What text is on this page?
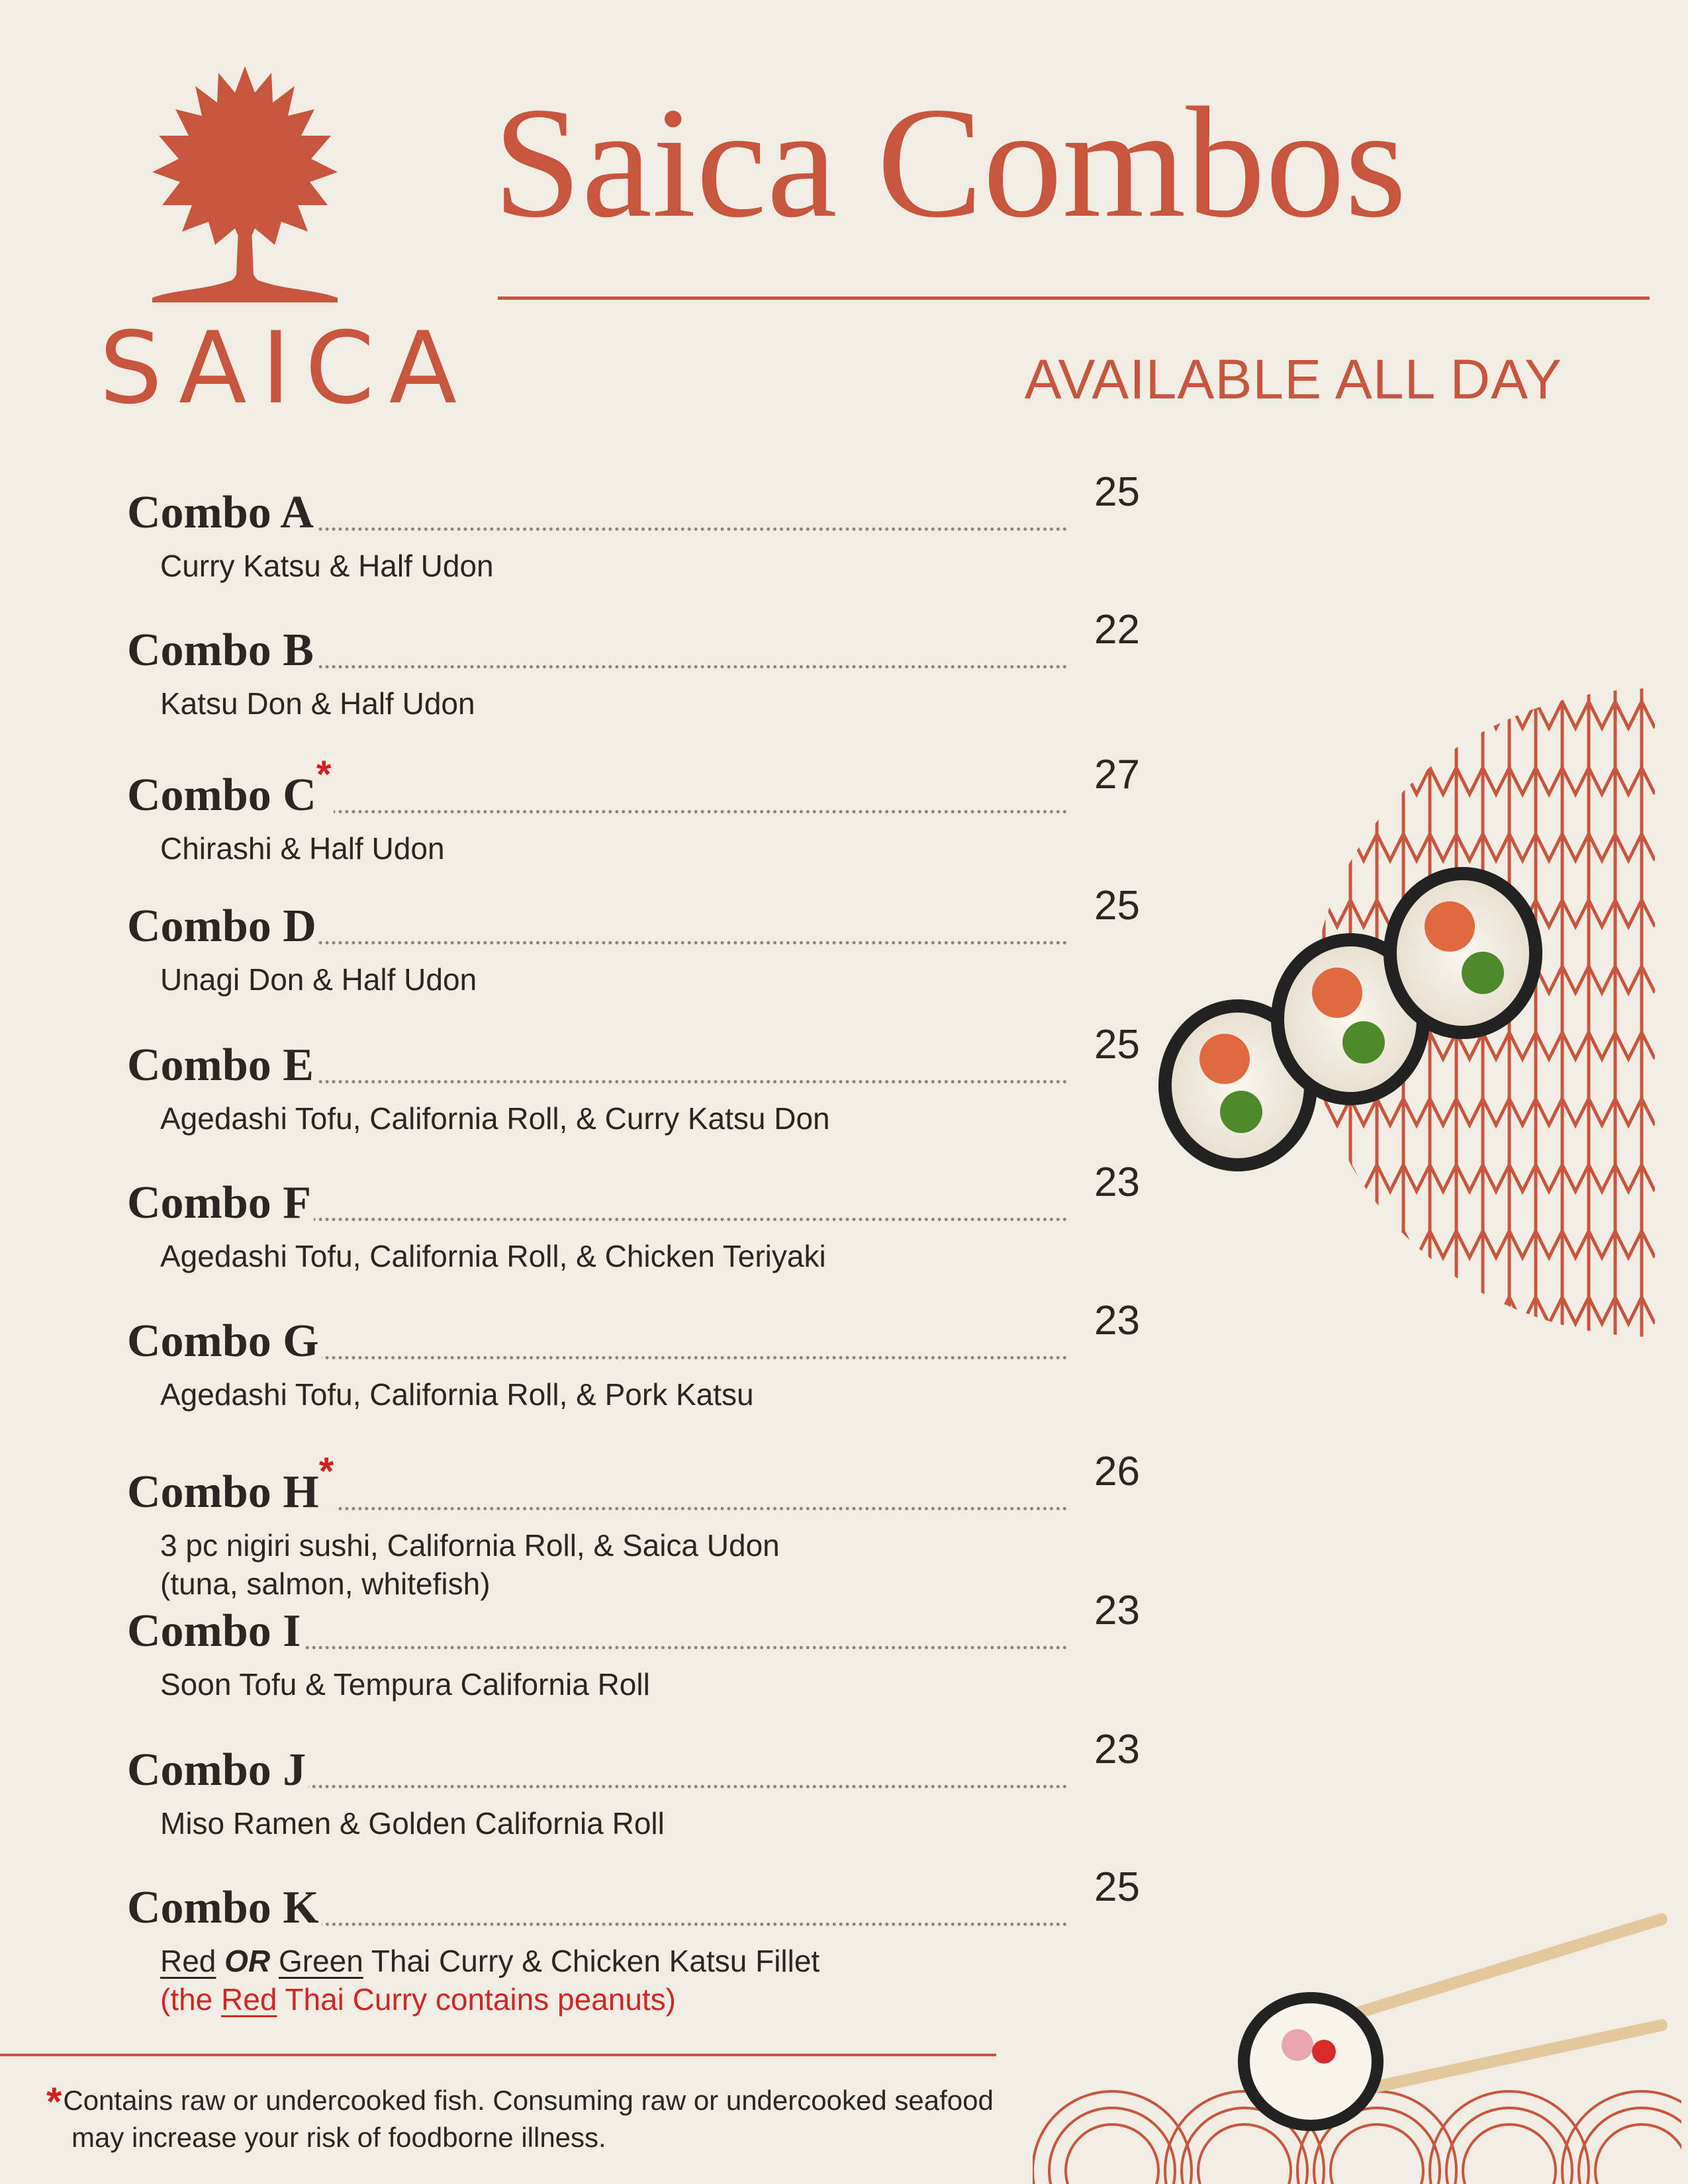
SAICA
Saica Combos
AVAILABLE ALL DAY
Combo A	25
Curry Katsu & Half Udon
Combo B	22
Katsu Don & Half Udon
Combo C*	27
Chirashi & Half Udon
Combo D	25
Unagi Don & Half Udon
Combo E	25
Agedashi Tofu, California Roll, & Curry Katsu Don
Combo F	23
Agedashi Tofu, California Roll, & Chicken Teriyaki
Combo G	23
Agedashi Tofu, California Roll, & Pork Katsu
Combo H*	26
3 pc nigiri sushi, California Roll, & Saica Udon
(tuna, salmon, whitefish)
Combo I	23
Soon Tofu & Tempura California Roll
Combo J	23
Miso Ramen & Golden California Roll
Combo K	25
Red OR Green Thai Curry & Chicken Katsu Fillet
(the Red Thai Curry contains peanuts)
*Contains raw or undercooked fish. Consuming raw or undercooked seafood
may increase your risk of foodborne illness.
